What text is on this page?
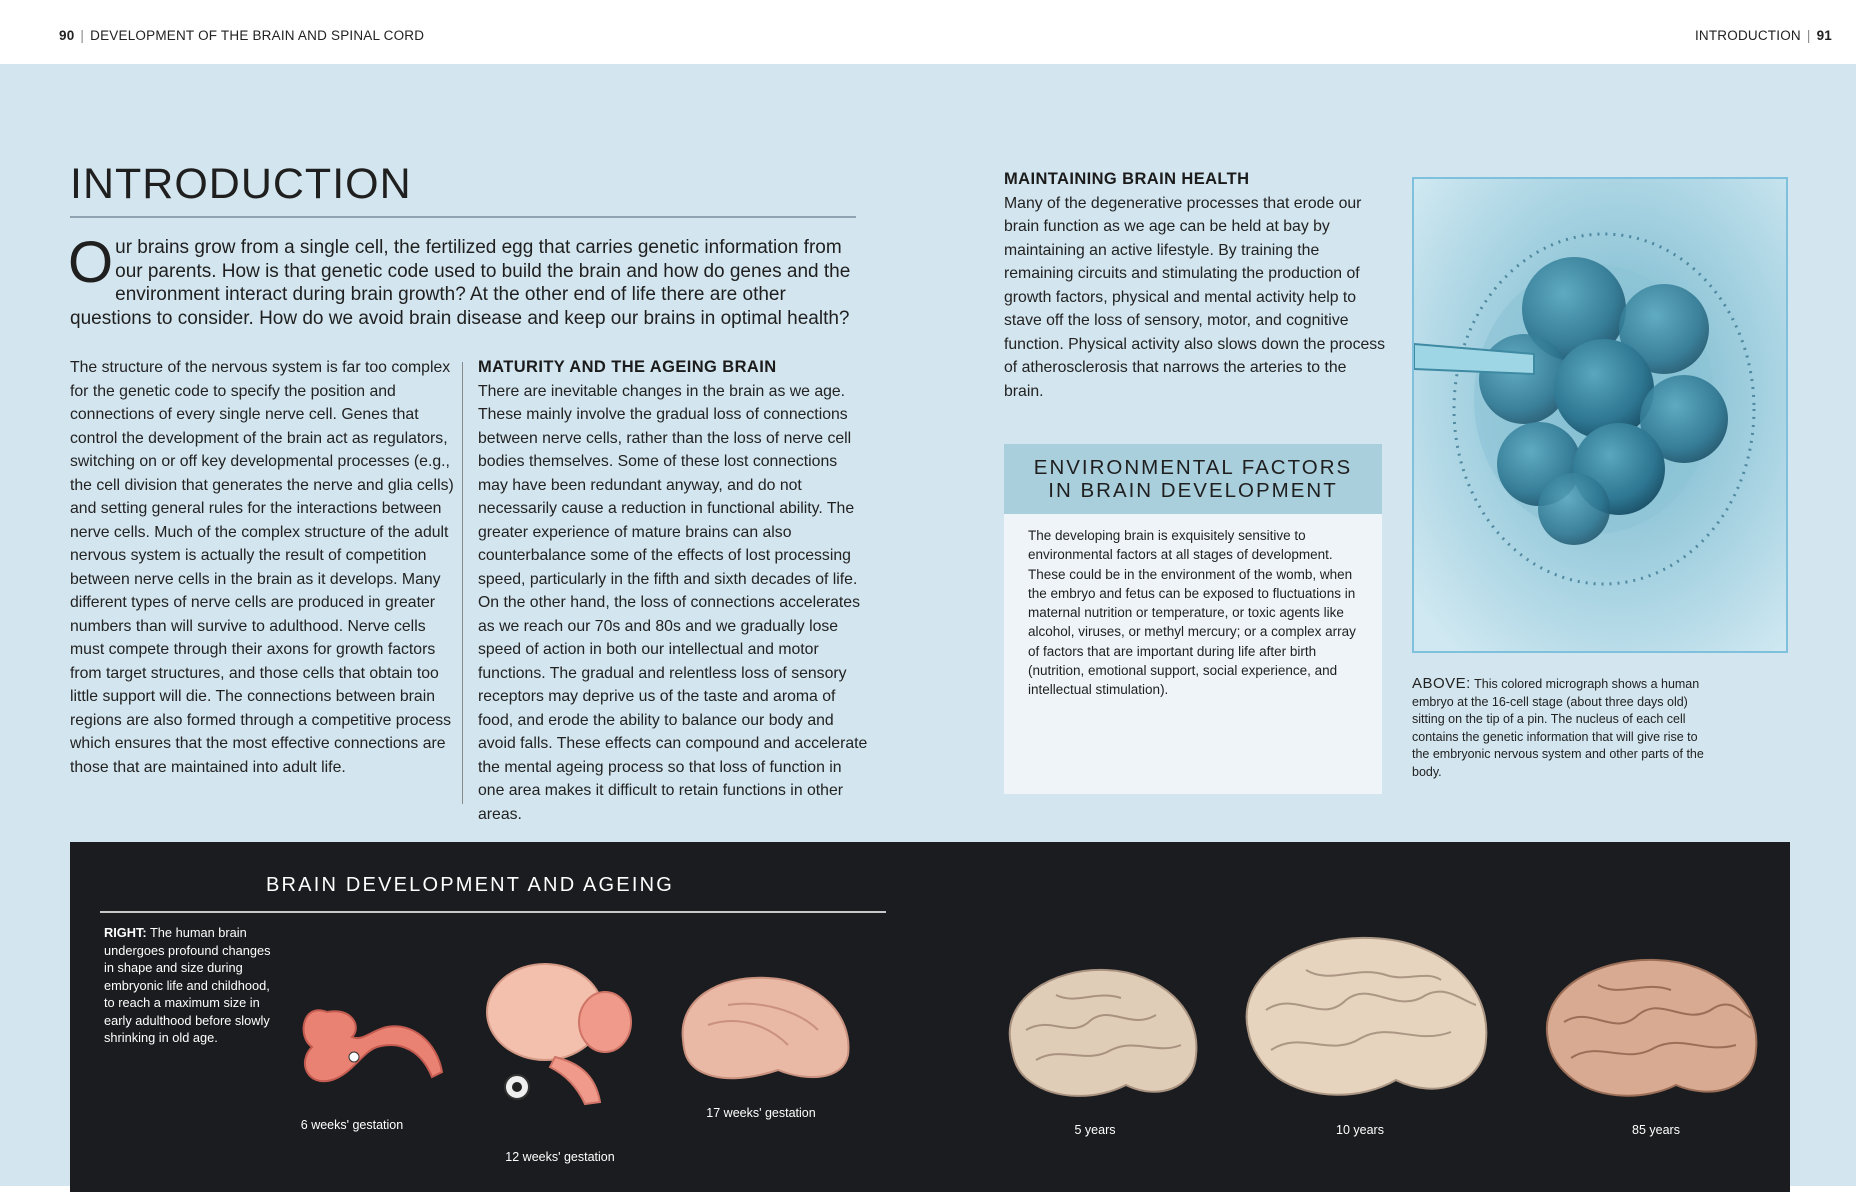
90 | DEVELOPMENT OF THE BRAIN AND SPINAL CORD	INTRODUCTION | 91
INTRODUCTION

Our brains grow from a single cell, the fertilized egg that carries genetic information from our parents. How is that genetic code used to build the brain and how do genes and the environment interact during brain growth? At the other end of life there are other questions to consider. How do we avoid brain disease and keep our brains in optimal health?

The structure of the nervous system is far too complex for the genetic code to specify the position and connections of every single nerve cell. Genes that control the development of the brain act as regulators, switching on or off key developmental processes (e.g., the cell division that generates the nerve and glia cells) and setting general rules for the interactions between nerve cells. Much of the complex structure of the adult nervous system is actually the result of competition between nerve cells in the brain as it develops. Many different types of nerve cells are produced in greater numbers than will survive to adulthood. Nerve cells must compete through their axons for growth factors from target structures, and those cells that obtain too little support will die. The connections between brain regions are also formed through a competitive process which ensures that the most effective connections are those that are maintained into adult life.

MATURITY AND THE AGEING BRAIN

There are inevitable changes in the brain as we age. These mainly involve the gradual loss of connections between nerve cells, rather than the loss of nerve cell bodies themselves. Some of these lost connections may have been redundant anyway, and do not necessarily cause a reduction in functional ability. The greater experience of mature brains can also counterbalance some of the effects of lost processing speed, particularly in the fifth and sixth decades of life. On the other hand, the loss of connections accelerates as we reach our 70s and 80s and we gradually lose speed of action in both our intellectual and motor functions. The gradual and relentless loss of sensory receptors may deprive us of the taste and aroma of food, and erode the ability to balance our body and avoid falls. These effects can compound and accelerate the mental ageing process so that loss of function in one area makes it difficult to retain functions in other areas.

MAINTAINING BRAIN HEALTH

Many of the degenerative processes that erode our brain function as we age can be held at bay by maintaining an active lifestyle. By training the remaining circuits and stimulating the production of growth factors, physical and mental activity help to stave off the loss of sensory, motor, and cognitive function. Physical activity also slows down the process of atherosclerosis that narrows the arteries to the brain.

ENVIRONMENTAL FACTORS
IN BRAIN DEVELOPMENT

The developing brain is exquisitely sensitive to environmental factors at all stages of development. These could be in the environment of the womb, when the embryo and fetus can be exposed to fluctuations in maternal nutrition or temperature, or toxic agents like alcohol, viruses, or methyl mercury; or a complex array of factors that are important during life after birth (nutrition, emotional support, social experience, and intellectual stimulation).	ABOVE: This colored micrograph shows a human embryo at the 16-cell stage (about three days old) sitting on the tip of a pin. The nucleus of each cell contains the genetic information that will give rise to the embryonic nervous system and other parts of the body.

BRAIN DEVELOPMENT AND AGEING

RIGHT: The human brain undergoes profound changes in shape and size during embryonic life and childhood, to reach a maximum size in early adulthood before slowly shrinking in old age.

6 weeks' gestation
12 weeks' gestation
17 weeks' gestation
5 years	10 years	85 years
